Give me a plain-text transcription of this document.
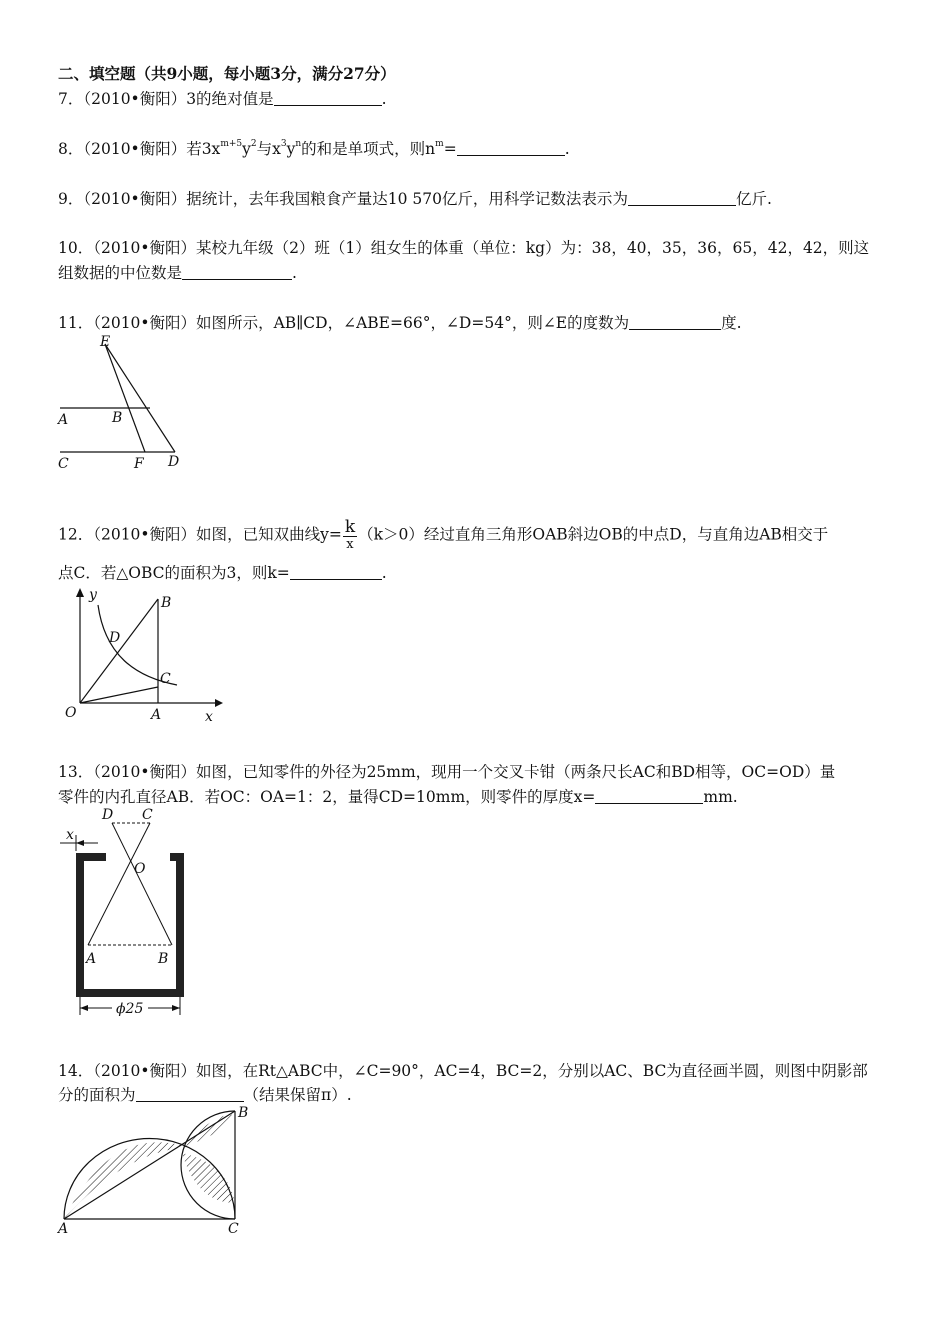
二、填空题（共9小题，每小题3分，满分27分）
7．（2010•衡阳）3的绝对值是	.
8．（2010•衡阳）若$3x^{m+5}y^2$与$x^3y^n$的和是单项式，则$n^m=$	.
9．（2010•衡阳）据统计，去年我国粮食产量达10 570亿斤，用科学记数法表示为	亿斤.
10．（2010•衡阳）某校九年级（2）班（1）组女生的体重（单位：kg）为：38，40，35，36，65，42，42，则这
组数据的中位数是	.
11．（2010•衡阳）如图所示，AB∥CD，∠ABE=66°，∠D=54°，则∠E的度数为	度.
E
A	B
C	F D
12．（2010•衡阳）如图，已知双曲线$y= \frac{k}{x} (k>0)$经过直角三角形OAB斜边OB的中点D，与直角边AB相交于
点C．若△OBC的面积为3，则k=	.
y	B
D
C
O	A	x
13．（2010•衡阳）如图，已知零件的外径为25mm，现用一个交叉卡钳（两条尺长AC和BD相等，OC=OD）量
零件的内孔直径AB．若OC：OA=1：2，量得CD=10mm，则零件的厚度x=	mm.
D C
x
O
A	B
ϕ25
14．（2010•衡阳）如图，在Rt△ABC中，∠C=90°，AC=4，BC=2，分别以AC、BC为直径画半圆，则图中阴影部
分的面积为	（结果保留π）.
A
B
C
